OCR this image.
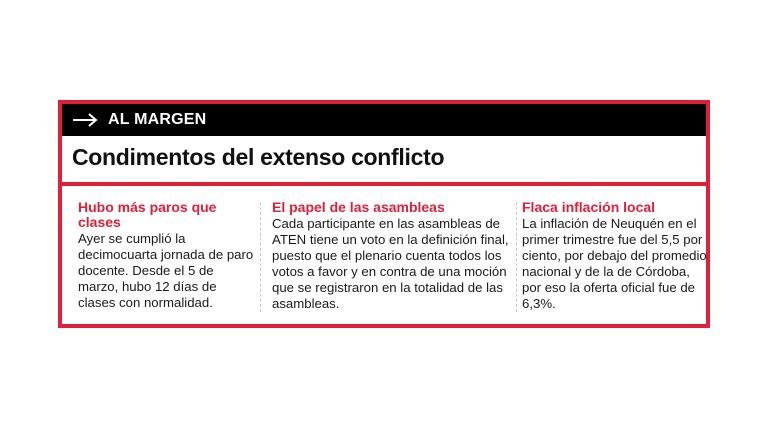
AL MARGEN
Condimentos del extenso conflicto
Hubo más paros que clases
Ayer se cumplió la decimocuarta jornada de paro docente. Desde el 5 de marzo, hubo 12 días de clases con normalidad.
El papel de las asambleas
Cada participante en las asambleas de ATEN tiene un voto en la definición final, puesto que el plenario cuenta todos los votos a favor y en contra de una moción que se registraron en la totalidad de las asambleas.
Flaca inflación local
La inflación de Neuquén en el primer trimestre fue del 5,5 por ciento, por debajo del promedio nacional y de la de Córdoba, por eso la oferta oficial fue de 6,3%.
